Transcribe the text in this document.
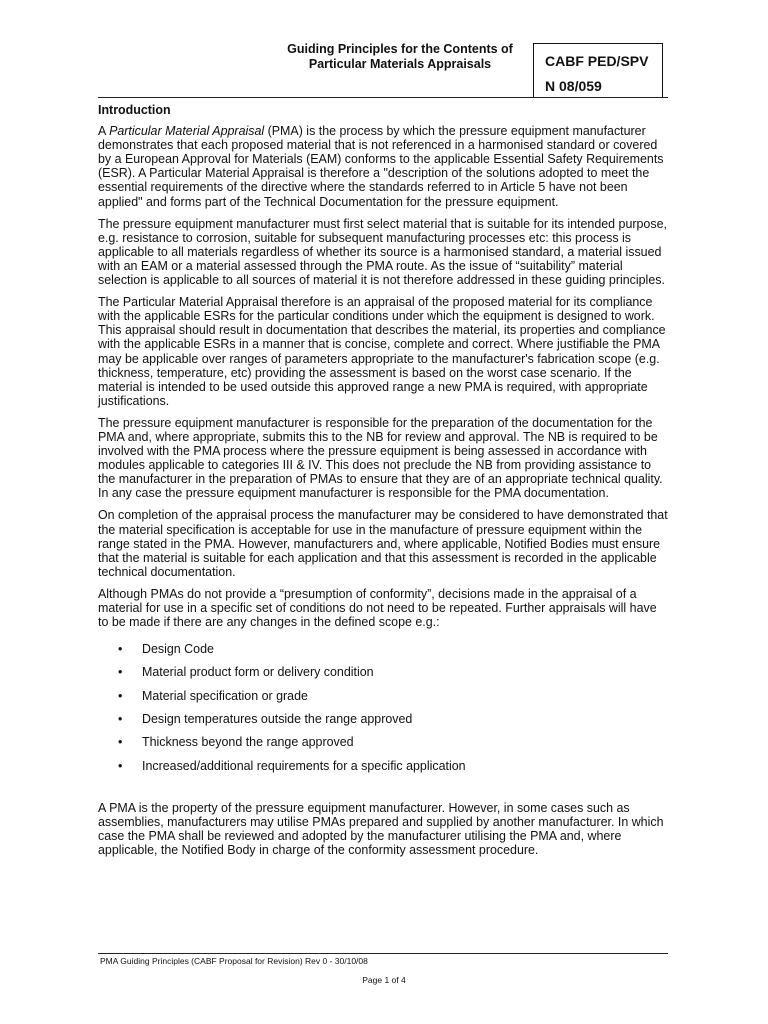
Guiding Principles for the Contents of
Particular Materials Appraisals	CABF PED/SPV
N 08/059
Introduction

A Particular Material Appraisal (PMA) is the process by which the pressure equipment manufacturer demonstrates that each proposed material that is not referenced in a harmonised standard or covered by a European Approval for Materials (EAM) conforms to the applicable Essential Safety Requirements (ESR). A Particular Material Appraisal is therefore a "description of the solutions adopted to meet the essential requirements of the directive where the standards referred to in Article 5 have not been applied" and forms part of the Technical Documentation for the pressure equipment.

The pressure equipment manufacturer must first select material that is suitable for its intended purpose, e.g. resistance to corrosion, suitable for subsequent manufacturing processes etc: this process is applicable to all materials regardless of whether its source is a harmonised standard, a material issued with an EAM or a material assessed through the PMA route. As the issue of “suitability” material selection is applicable to all sources of material it is not therefore addressed in these guiding principles.

The Particular Material Appraisal therefore is an appraisal of the proposed material for its compliance with the applicable ESRs for the particular conditions under which the equipment is designed to work. This appraisal should result in documentation that describes the material, its properties and compliance with the applicable ESRs in a manner that is concise, complete and correct. Where justifiable the PMA may be applicable over ranges of parameters appropriate to the manufacturer's fabrication scope (e.g. thickness, temperature, etc) providing the assessment is based on the worst case scenario. If the material is intended to be used outside this approved range a new PMA is required, with appropriate justifications.

The pressure equipment manufacturer is responsible for the preparation of the documentation for the PMA and, where appropriate, submits this to the NB for review and approval. The NB is required to be involved with the PMA process where the pressure equipment is being assessed in accordance with modules applicable to categories III & IV. This does not preclude the NB from providing assistance to the manufacturer in the preparation of PMAs to ensure that they are of an appropriate technical quality. In any case the pressure equipment manufacturer is responsible for the PMA documentation.

On completion of the appraisal process the manufacturer may be considered to have demonstrated that the material specification is acceptable for use in the manufacture of pressure equipment within the range stated in the PMA. However, manufacturers and, where applicable, Notified Bodies must ensure that the material is suitable for each application and that this assessment is recorded in the applicable technical documentation.

Although PMAs do not provide a “presumption of conformity”, decisions made in the appraisal of a material for use in a specific set of conditions do not need to be repeated. Further appraisals will have to be made if there are any changes in the defined scope e.g.:

• Design Code
• Material product form or delivery condition
• Material specification or grade
• Design temperatures outside the range approved
• Thickness beyond the range approved
• Increased/additional requirements for a specific application

A PMA is the property of the pressure equipment manufacturer. However, in some cases such as assemblies, manufacturers may utilise PMAs prepared and supplied by another manufacturer. In which case the PMA shall be reviewed and adopted by the manufacturer utilising the PMA and, where applicable, the Notified Body in charge of the conformity assessment procedure.

PMA Guiding Principles (CABF Proposal for Revision) Rev 0 - 30/10/08
Page 1 of 4
